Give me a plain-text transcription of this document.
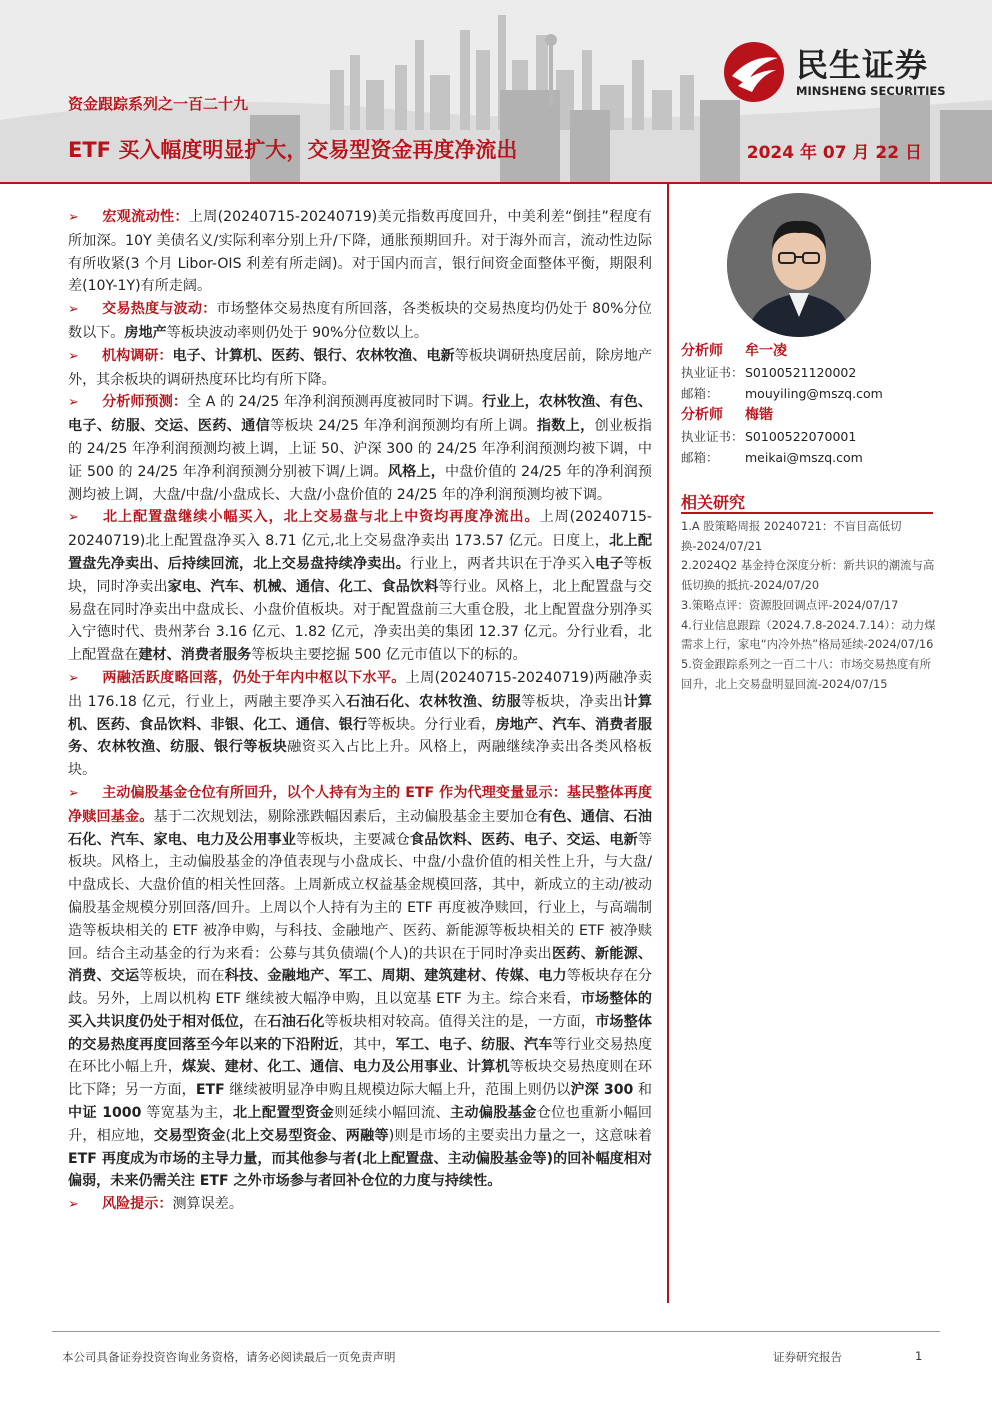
资金跟踪系列之一百二十九
ETF 买入幅度明显扩大，交易型资金再度净流出	2024 年 07 月 22 日
民生证券
MINSHENG SECURITIES
➢ 宏观流动性：上周(20240715-20240719)美元指数再度回升，中美利差“倒挂”程度有所加深。10Y 美债名义/实际利率分别上升/下降，通胀预期回升。对于海外而言，流动性边际有所收紧(3 个月 Libor-OIS 利差有所走阔)。对于国内而言，银行间资金面整体平衡，期限利差(10Y-1Y)有所走阔。
➢ 交易热度与波动：市场整体交易热度有所回落，各类板块的交易热度均仍处于 80%分位数以下。房地产等板块波动率则仍处于 90%分位数以上。
➢ 机构调研：电子、计算机、医药、银行、农林牧渔、电新等板块调研热度居前，除房地产外，其余板块的调研热度环比均有所下降。
➢ 分析师预测：全 A 的 24/25 年净利润预测再度被同时下调。行业上，农林牧渔、有色、电子、纺服、交运、医药、通信等板块 24/25 年净利润预测均有所上调。指数上，创业板指的 24/25 年净利润预测均被上调，上证 50、沪深 300 的 24/25 年净利润预测均被下调，中证 500 的 24/25 年净利润预测分别被下调/上调。风格上，中盘价值的 24/25 年的净利润预测均被上调，大盘/中盘/小盘成长、大盘/小盘价值的 24/25 年的净利润预测均被下调。
➢ 北上配置盘继续小幅买入，北上交易盘与北上中资均再度净流出。上周(20240715-20240719)北上配置盘净买入 8.71 亿元,北上交易盘净卖出 173.57 亿元。日度上，北上配置盘先净卖出、后持续回流，北上交易盘持续净卖出。行业上，两者共识在于净买入电子等板块，同时净卖出家电、汽车、机械、通信、化工、食品饮料等行业。风格上，北上配置盘与交易盘在同时净卖出中盘成长、小盘价值板块。对于配置盘前三大重仓股，北上配置盘分别净买入宁德时代、贵州茅台 3.16 亿元、1.82 亿元，净卖出美的集团 12.37 亿元。分行业看，北上配置盘在建材、消费者服务等板块主要挖掘 500 亿元市值以下的标的。
➢ 两融活跃度略回落，仍处于年内中枢以下水平。上周(20240715-20240719)两融净卖出 176.18 亿元，行业上，两融主要净买入石油石化、农林牧渔、纺服等板块，净卖出计算机、医药、食品饮料、非银、化工、通信、银行等板块。分行业看，房地产、汽车、消费者服务、农林牧渔、纺服、银行等板块融资买入占比上升。风格上，两融继续净卖出各类风格板块。
➢ 主动偏股基金仓位有所回升，以个人持有为主的 ETF 作为代理变量显示：基民整体再度净赎回基金。基于二次规划法，剔除涨跌幅因素后，主动偏股基金主要加仓有色、通信、石油石化、汽车、家电、电力及公用事业等板块，主要减仓食品饮料、医药、电子、交运、电新等板块。风格上，主动偏股基金的净值表现与小盘成长、中盘/小盘价值的相关性上升，与大盘/中盘成长、大盘价值的相关性回落。上周新成立权益基金规模回落，其中，新成立的主动/被动偏股基金规模分别回落/回升。上周以个人持有为主的 ETF 再度被净赎回，行业上，与高端制造等板块相关的 ETF 被净申购，与科技、金融地产、医药、新能源等板块相关的 ETF 被净赎回。结合主动基金的行为来看：公募与其负债端(个人)的共识在于同时净卖出医药、新能源、消费、交运等板块，而在科技、金融地产、军工、周期、建筑建材、传媒、电力等板块存在分歧。另外，上周以机构 ETF 继续被大幅净申购，且以宽基 ETF 为主。综合来看，市场整体的买入共识度仍处于相对低位，在石油石化等板块相对较高。值得关注的是，一方面，市场整体的交易热度再度回落至今年以来的下沿附近，其中，军工、电子、纺服、汽车等行业交易热度在环比小幅上升，煤炭、建材、化工、通信、电力及公用事业、计算机等板块交易热度则在环比下降；另一方面，ETF 继续被明显净申购且规模边际大幅上升，范围上则仍以沪深 300 和中证 1000 等宽基为主，北上配置型资金则延续小幅回流、主动偏股基金仓位也重新小幅回升，相应地，交易型资金(北上交易型资金、两融等)则是市场的主要卖出力量之一，这意味着 ETF 再度成为市场的主导力量，而其他参与者(北上配置盘、主动偏股基金等)的回补幅度相对偏弱，未来仍需关注 ETF 之外市场参与者回补仓位的力度与持续性。
➢ 风险提示：测算误差。
分析师 牟一凌
执业证书：S0100521120002
邮箱： mouyiling@mszq.com
分析师 梅锴
执业证书：S0100522070001
邮箱： meikai@mszq.com
相关研究
1.A 股策略周报 20240721：不盲目高低切换-2024/07/21
2.2024Q2 基金持仓深度分析：新共识的潮流与高低切换的抵抗-2024/07/20
3.策略点评：资源股回调点评-2024/07/17
4.行业信息跟踪（2024.7.8-2024.7.14）：动力煤需求上行，家电“内冷外热”格局延续-2024/07/16
5.资金跟踪系列之一百二十八：市场交易热度有所回升，北上交易盘明显回流-2024/07/15
本公司具备证券投资咨询业务资格，请务必阅读最后一页免责声明	证券研究报告	1
